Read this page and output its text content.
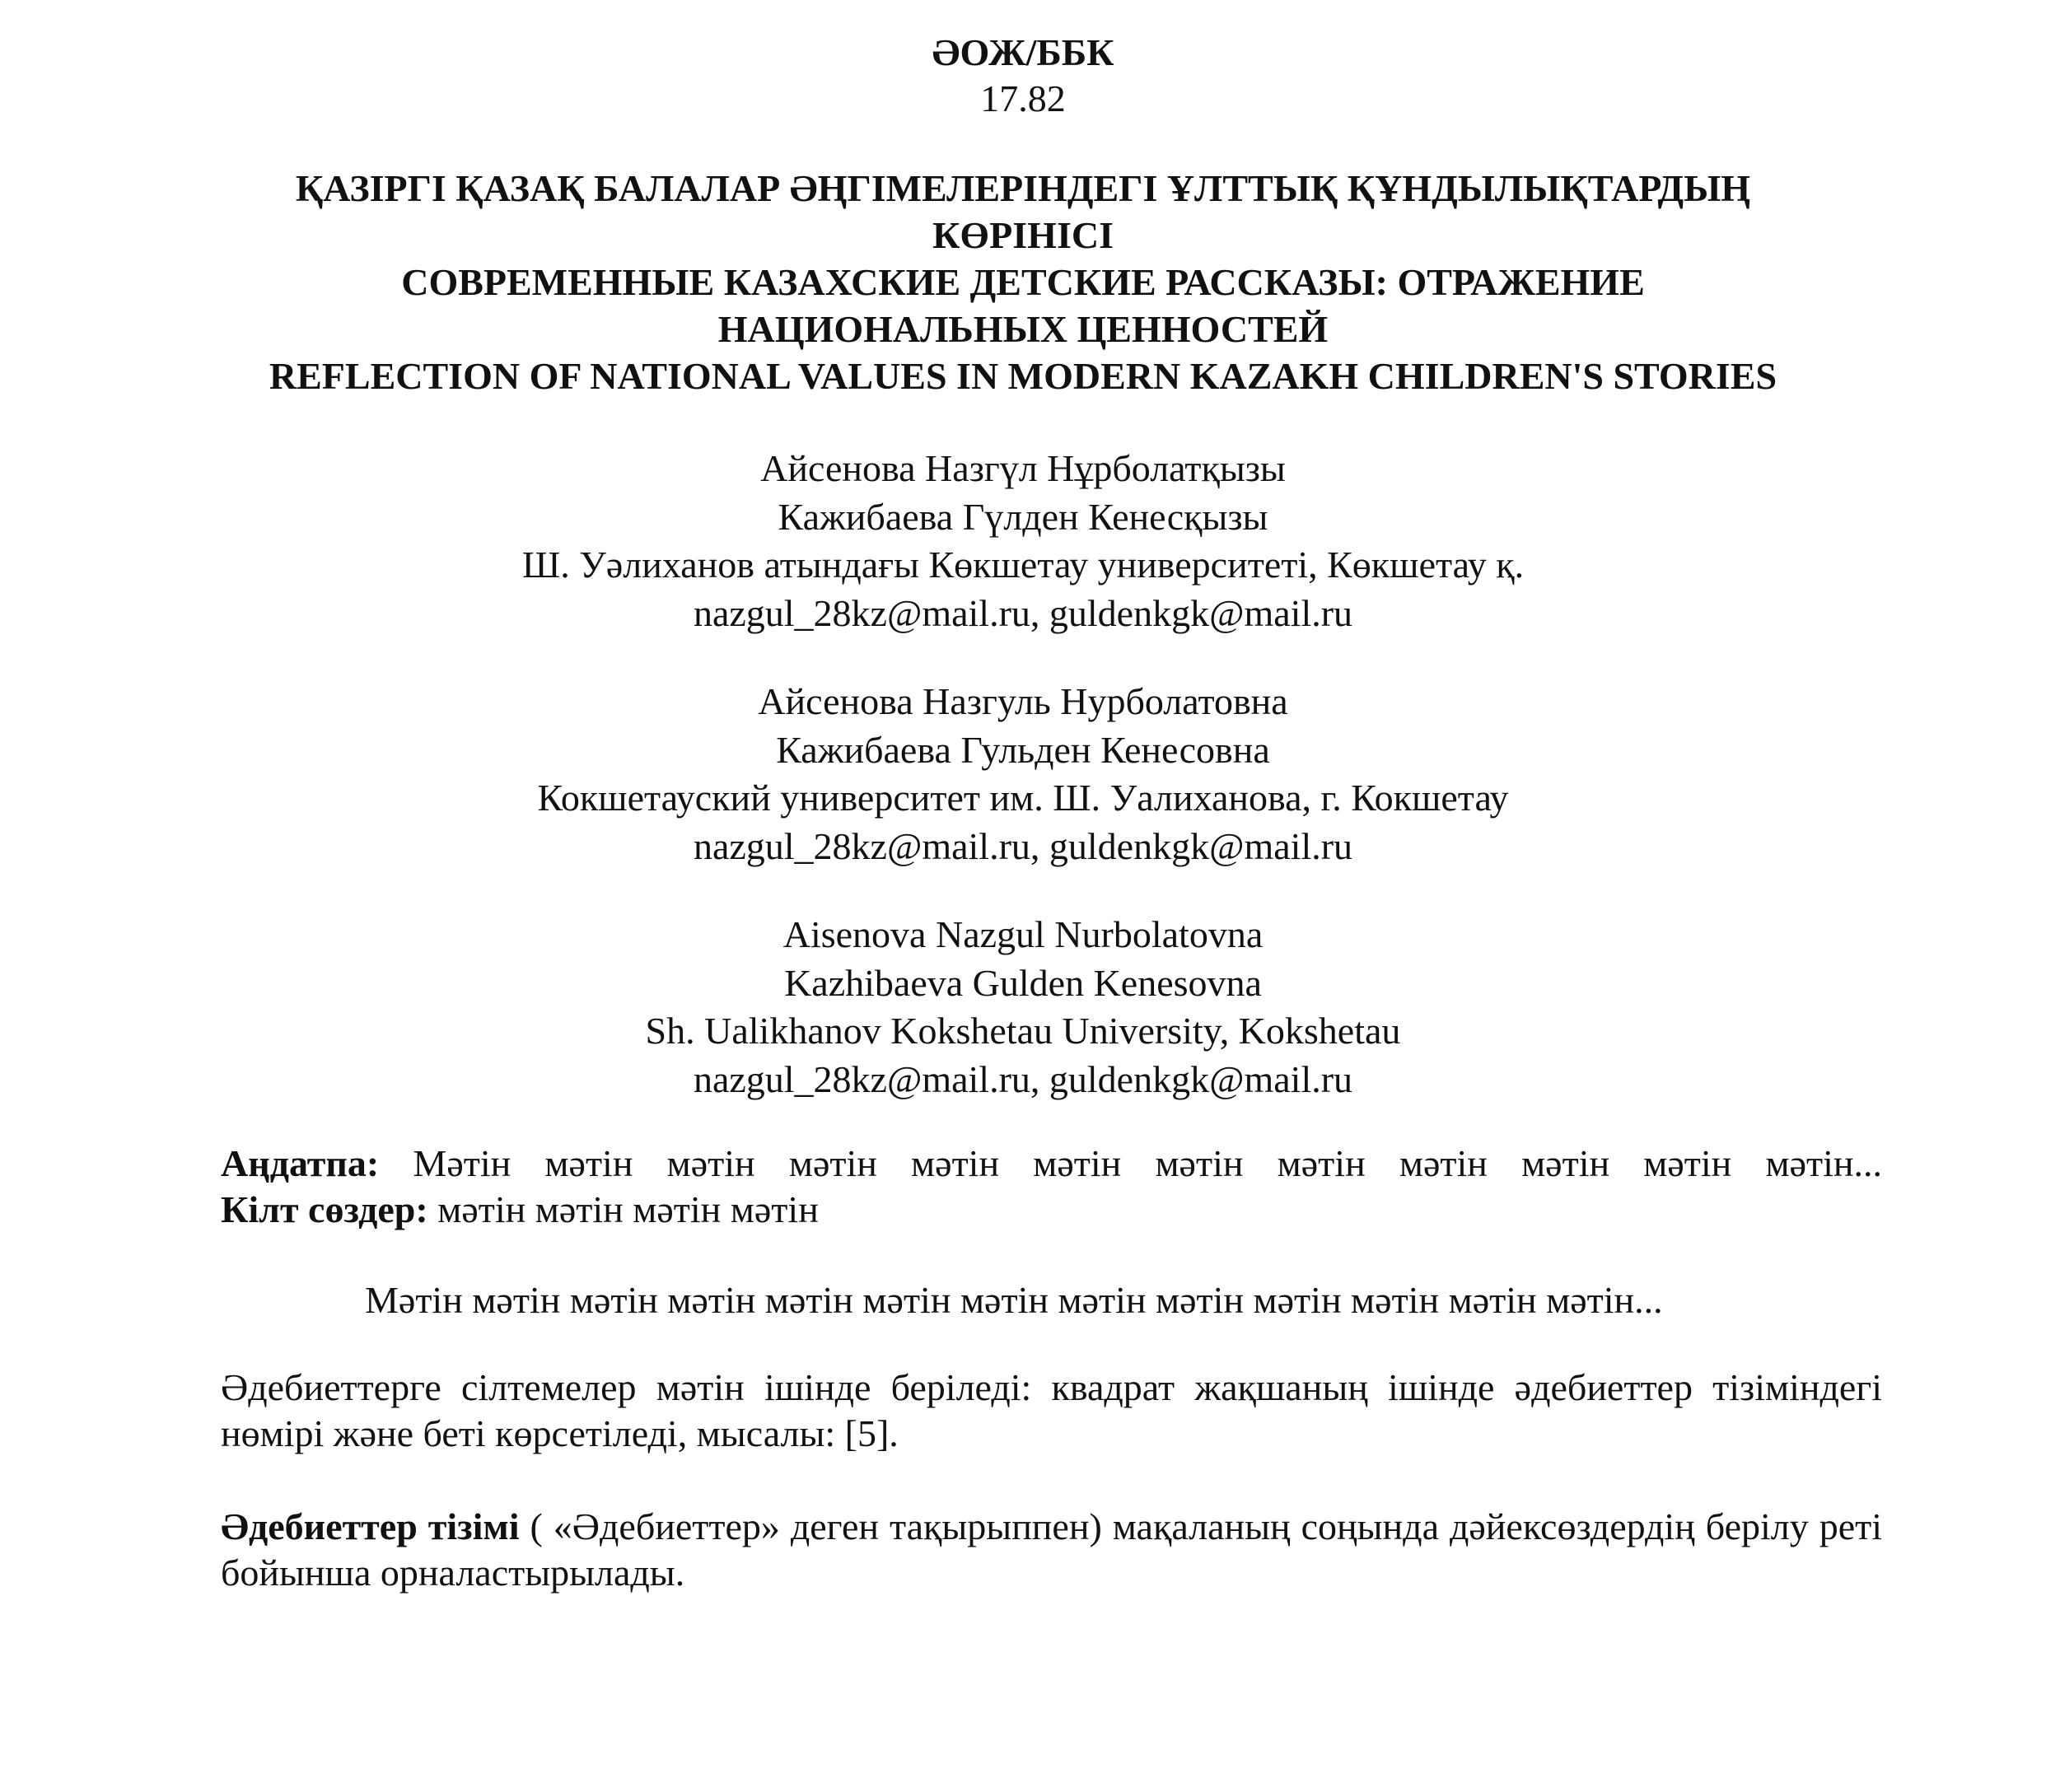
ӘОЖ/ББК
17.82
ҚАЗІРГІ ҚАЗАҚ БАЛАЛАР ӘҢГІМЕЛЕРІНДЕГІ ҰЛТТЫҚ ҚҰНДЫЛЫҚТАРДЫҢ
КӨРІНІСІ
СОВРЕМЕННЫЕ КАЗАХСКИЕ ДЕТСКИЕ РАССКАЗЫ: ОТРАЖЕНИЕ
НАЦИОНАЛЬНЫХ ЦЕННОСТЕЙ
REFLECTION OF NATIONAL VALUES IN MODERN KAZAKH CHILDREN'S STORIES
Айсенова Назгүл Нұрболатқызы
Кажибаева Гүлден Кенесқызы
Ш. Уәлиханов атындағы Көкшетау университеті, Көкшетау қ.
nazgul_28kz@mail.ru, guldenkgk@mail.ru
Айсенова Назгуль Нурболатовна
Кажибаева Гульден Кенесовна
Кокшетауский университет им. Ш. Уалиханова, г. Кокшетау
nazgul_28kz@mail.ru, guldenkgk@mail.ru
Aisenova Nazgul Nurbolatovna
Kazhibaeva Gulden Kenesovna
Sh. Ualikhanov Kokshetau University, Kokshetau
nazgul_28kz@mail.ru, guldenkgk@mail.ru
Аңдатпа: Мәтін мәтін мәтін мәтін мәтін мәтін мәтін мәтін мәтін мәтін мәтін мәтін...
Кілт сөздер: мәтін мәтін мәтін мәтін
Мәтін мәтін мәтін мәтін мәтін мәтін мәтін мәтін мәтін мәтін мәтін мәтін мәтін...
Әдебиеттерге сілтемелер мәтін ішінде беріледі: квадрат жақшаның ішінде әдебиеттер тізіміндегі нөмірі және беті көрсетіледі, мысалы: [5].
Әдебиеттер тізімі ( «Әдебиеттер» деген тақырыппен) мақаланың соңында дәйексөздердің берілу реті бойынша орналастырылады.
